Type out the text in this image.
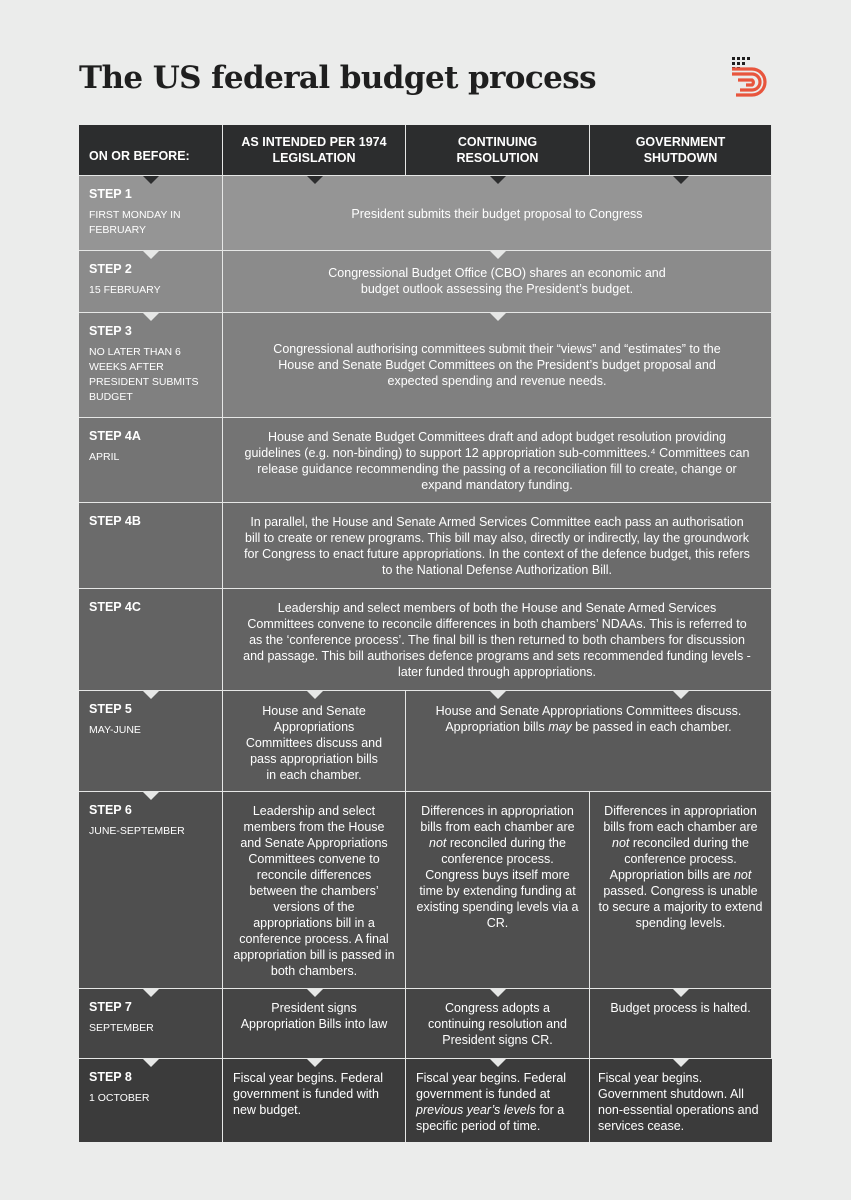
The US federal budget process
ON OR BEFORE:
AS INTENDED PER 1974 LEGISLATION
CONTINUING RESOLUTION
GOVERNMENT SHUTDOWN
STEP 1
FIRST MONDAY IN FEBRUARY
President submits their budget proposal to Congress
STEP 2
15 FEBRUARY
Congressional Budget Office (CBO) shares an economic and budget outlook assessing the President’s budget.
STEP 3
NO LATER THAN 6 WEEKS AFTER PRESIDENT SUBMITS BUDGET
Congressional authorising committees submit their “views” and “estimates” to the House and Senate Budget Committees on the President’s budget proposal and expected spending and revenue needs.
STEP 4A
APRIL
House and Senate Budget Committees draft and adopt budget resolution providing guidelines (e.g. non-binding) to support 12 appropriation sub-committees.⁴ Committees can release guidance recommending the passing of a reconciliation fill to create, change or expand mandatory funding.
STEP 4B	In parallel, the House and Senate Armed Services Committee each pass an authorisation bill to create or renew programs. This bill may also, directly or indirectly, lay the groundwork for Congress to enact future appropriations. In the context of the defence budget, this refers to the National Defense Authorization Bill.
STEP 4C	Leadership and select members of both the House and Senate Armed Services Committees convene to reconcile differences in both chambers’ NDAAs. This is referred to as the ‘conference process’. The final bill is then returned to both chambers for discussion and passage. This bill authorises defence programs and sets recommended funding levels - later funded through appropriations.
STEP 5
MAY-JUNE
House and Senate Appropriations Committees discuss and pass appropriation bills in each chamber.
House and Senate Appropriations Committees discuss. Appropriation bills may be passed in each chamber.
STEP 6
JUNE-SEPTEMBER
Leadership and select members from the House and Senate Appropriations Committees convene to reconcile differences between the chambers’ versions of the appropriations bill in a conference process. A final appropriation bill is passed in both chambers.
Differences in appropriation bills from each chamber are not reconciled during the conference process. Congress buys itself more time by extending funding at existing spending levels via a CR.
Differences in appropriation bills from each chamber are not reconciled during the conference process. Appropriation bills are not passed. Congress is unable to secure a majority to extend spending levels.
STEP 7
SEPTEMBER
President signs Appropriation Bills into law
Congress adopts a continuing resolution and President signs CR.
Budget process is halted.
STEP 8
1 OCTOBER
Fiscal year begins. Federal government is funded with new budget.
Fiscal year begins. Federal government is funded at previous year’s levels for a specific period of time.
Fiscal year begins. Government shutdown. All non-essential operations and services cease.
